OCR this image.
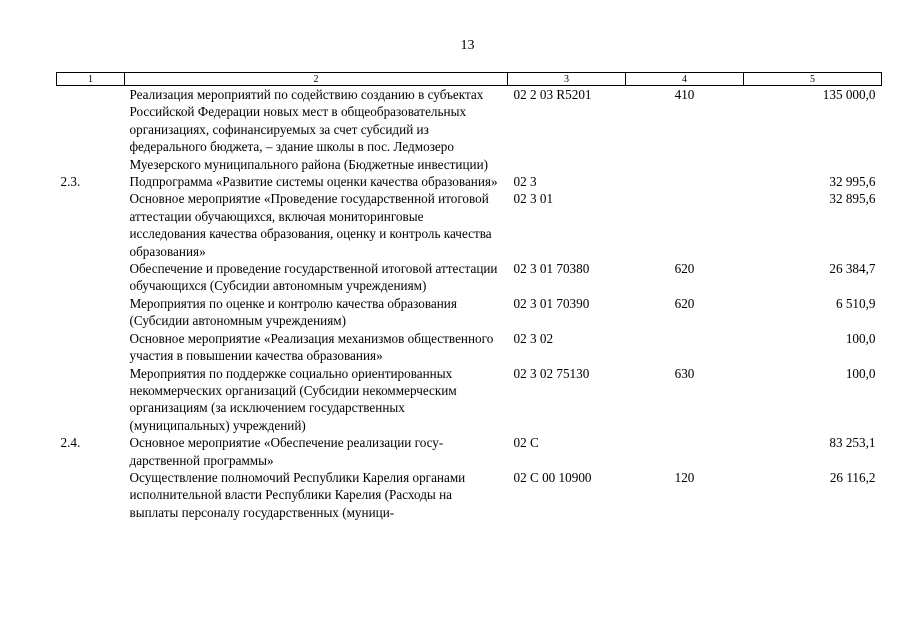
13
1	2	3	4	5
	Реализация мероприятий по содействию созданию в субъектах Российской Федерации новых мест в общеобразовательных организациях, софинансируемых за счет субсидий из федерального бюджета, – здание школы в пос. Ледмозеро Муезерского муниципального района (Бюджетные инвестиции)	02 2 03 R5201	410	135 000,0
2.3.	Подпрограмма «Развитие системы оценки качества образования»	02 3		32 995,6
	Основное мероприятие «Проведение государственной итоговой аттестации обучающихся, включая мониторинговые исследования качества образования, оценку и контроль качества образования»	02 3 01		32 895,6
	Обеспечение и проведение государственной итоговой аттестации обучающихся (Субсидии автономным учреждениям)	02 3 01 70380	620	26 384,7
	Мероприятия по оценке и контролю качества образования (Субсидии автономным учреждениям)	02 3 01 70390	620	6 510,9
	Основное мероприятие «Реализация механизмов общественного участия в повышении качества образования»	02 3 02		100,0
	Мероприятия по поддержке социально ориентированных некоммерческих организаций (Субсидии некоммерческим организациям (за исключением государственных (муниципальных) учреждений)	02 3 02 75130	630	100,0
2.4.	Основное мероприятие «Обеспечение реализации государственной программы»	02 С		83 253,1
	Осуществление полномочий Республики Карелия органами исполнительной власти Республики Карелия (Расходы на выплаты персоналу государственных (муници-	02 С 00 10900	120	26 116,2
